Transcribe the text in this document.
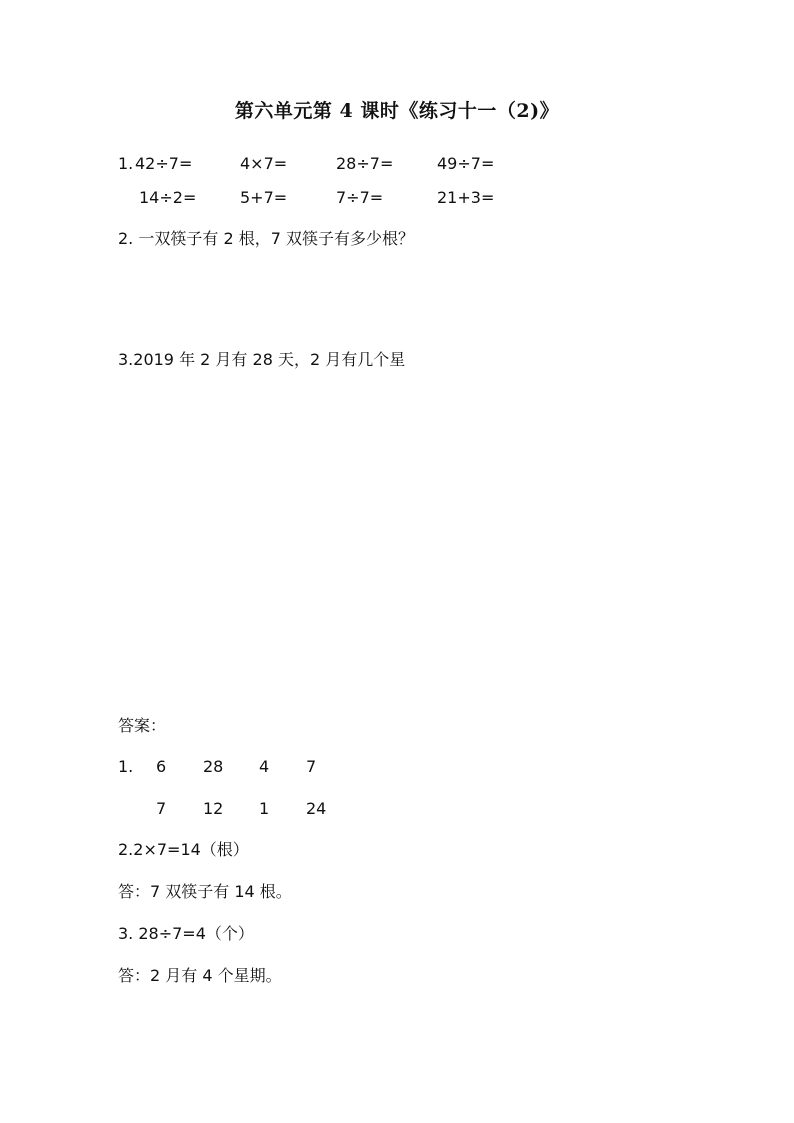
第六单元第 4 课时《练习十一（2)》
1. 42÷7=	4×7=	28÷7=	49÷7=
14÷2=	5+7=	7÷7=	21+3=
2. 一双筷子有 2 根，7 双筷子有多少根？
3.2019 年 2 月有 28 天，2 月有几个星
答案：
1. 6 28 4 7
7 12 1 24
2.2×7=14（根）
答：7 双筷子有 14 根。
3. 28÷7=4（个）
答：2 月有 4 个星期。
